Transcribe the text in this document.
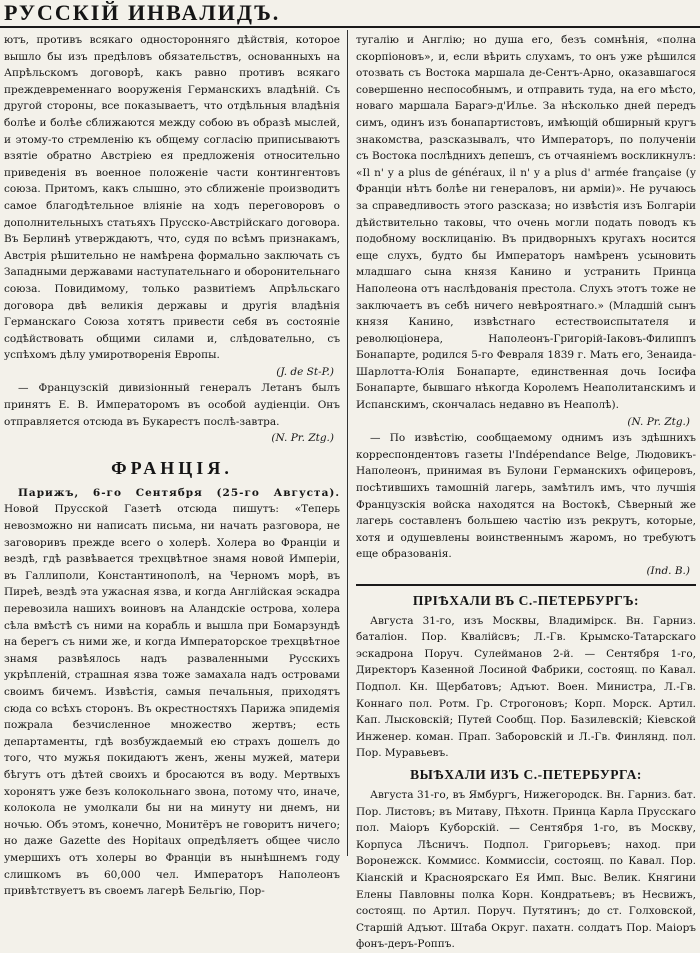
РУССКІЙ ИНВАЛИДЪ.

ютъ, противъ всякаго односторонняго дѣйствія, которое вышло бы изъ предѣловъ обязательствъ, основанныхъ на Апрѣльскомъ договорѣ, какъ равно противъ всякаго преждевременнаго вооруженія Германскихъ владѣній. Съ другой стороны, все показываетъ, что отдѣльныя владѣнія болѣе и болѣе сближаются между собою въ образѣ мыслей, и этому-то стремленію къ общему согласію приписываютъ взятіе обратно Австріею ея предложенія относительно приведенія въ военное положеніе части контингентовъ союза. Притомъ, какъ слышно, это сближеніе производитъ самое благодѣтельное вліяніе на ходъ переговоровъ о дополнительныхъ статьяхъ Прусско-Австрійскаго договора. Въ Берлинѣ утверждаютъ, что, судя по всѣмъ признакамъ, Австрія рѣшительно не намѣрена формально заключать съ Западными державами наступательнаго и оборонительнаго союза. Повидимому, только развитіемъ Апрѣльскаго договора двѣ великія державы и другія владѣнія Германскаго Союза хотятъ привести себя въ состояніе содѣйствовать общими силами и, слѣдовательно, съ успѣхомъ дѣлу умиротворенія Европы.

(J. de St-P.)

— Французскій дивизіонный генералъ Летанъ былъ принятъ Е. В. Императоромъ въ особой аудіенціи. Онъ отправляется отсюда въ Букарестъ послѣ-завтра.

(N. Pr. Ztg.)

ФРАНЦІЯ.

Парижъ, 6-го Сентября (25-го Августа). Новой Прусской Газетѣ отсюда пишутъ: «Теперь невозможно ни написать письма, ни начать разговора, не заговоривъ прежде всего о холерѣ. Холера во Франціи и вездѣ, гдѣ развѣвается трехцвѣтное знамя новой Имперіи, въ Галлиполи, Константинополѣ, на Черномъ морѣ, въ Пиреѣ, вездѣ эта ужасная язва, и когда Англійская эскадра перевозила нашихъ воиновъ на Аландскіе острова, холера сѣла вмѣстѣ съ ними на корабль и вышла при Бомарзундѣ на берегъ съ ними же, и когда Императорское трехцвѣтное знамя развѣялось надъ разваленными Русскихъ укрѣпленій, страшная язва тоже замахала надъ островами своимъ бичемъ. Извѣстія, самыя печальныя, приходятъ сюда со всѣхъ сторонъ. Въ окрестностяхъ Парижа эпидемія пожрала безчисленное множество жертвъ; есть департаменты, гдѣ возбуждаемый ею страхъ дошелъ до того, что мужья покидаютъ женъ, жены мужей, матери бѣгутъ отъ дѣтей своихъ и бросаются въ воду. Мертвыхъ хоронятъ уже безъ колокольнаго звона, потому что, иначе, колокола не умолкали бы ни на минуту ни днемъ, ни ночью. Объ этомъ, конечно, Монитёръ не говоритъ ничего; но даже Gazette des Hopitaux опредѣляетъ общее число умершихъ отъ холеры во Франціи въ нынѣшнемъ году слишкомъ въ 60,000 чел. Императоръ Наполеонъ привѣтствуетъ въ своемъ лагерѣ Бельгію, Пор-

тугалію и Англію; но душа его, безъ сомнѣнія, «полна скорпіоновъ», и, если вѣрить слухамъ, то онъ уже рѣшился отозвать съ Востока маршала де-Сентъ-Арно, оказавшагося совершенно неспособнымъ, и отправить туда, на его мѣсто, новаго маршала Барагэ-д'Илье. За нѣсколько дней передъ симъ, одинъ изъ бонапартистовъ, имѣющій обширный кругъ знакомства, разсказывалъ, что Императоръ, по полученіи съ Востока послѣднихъ депешъ, съ отчаяніемъ воскликнулъ: «Il n' y a plus de généraux, il n' y a plus d' armée française (у Франціи нѣтъ болѣе ни генераловъ, ни арміи)». Не ручаюсь за справедливость этого разсказа; но извѣстія изъ Болгаріи дѣйствительно таковы, что очень могли подать поводъ къ подобному восклицанію. Въ придворныхъ кругахъ носится еще слухъ, будто бы Императоръ намѣренъ усыновить младшаго сына князя Канино и устранить Принца Наполеона отъ наслѣдованія престола. Слухъ этотъ тоже не заключаетъ въ себѣ ничего невѣроятнаго.» (Младшій сынъ князя Канино, извѣстнаго естествоиспытателя и революціонера, Наполеонъ-Григорій-Іаковъ-Филиппъ Бонапарте, родился 5-го Февраля 1839 г. Мать его, Зенаида-Шарлотта-Юлія Бонапарте, единственная дочь Іосифа Бонапарте, бывшаго нѣкогда Королемъ Неаполитанскимъ и Испанскимъ, скончалась недавно въ Неаполѣ).

(N. Pr. Ztg.)

— По извѣстію, сообщаемому однимъ изъ здѣшнихъ корреспондентовъ газеты l'Indépendance Belge, Людовикъ-Наполеонъ, принимая въ Булони Германскихъ офицеровъ, посѣтившихъ тамошній лагерь, замѣтилъ имъ, что лучшія Французскія войска находятся на Востокѣ, Сѣверный же лагерь составленъ большею частію изъ рекрутъ, которые, хотя и одушевлены воинственнымъ жаромъ, но требуютъ еще образованія.

(Ind. B.)

ПРІѢХАЛИ ВЪ С.-ПЕТЕРБУРГЪ:

Августа 31-го, изъ Москвы, Владимірск. Вн. Гарниз. баталіон. Пор. Квалійсвъ; Л.-Гв. Крымско-Татарскаго эскадрона Поруч. Сулейманов 2-й. — Сентября 1-го, Директоръ Казенной Лосиной Фабрики, состоящ. по Кавал. Подпол. Кн. Щербатовъ; Адъют. Воен. Министра, Л.-Гв. Коннаго пол. Ротм. Гр. Строгоновъ; Корп. Морск. Артил. Кап. Лысковскій; Путей Сообщ. Пор. Базилевскій; Кіевской Инженер. коман. Прап. Заборовскій и Л.-Гв. Финлянд. пол. Пор. Муравьевъ.

ВЫѢХАЛИ ИЗЪ С.-ПЕТЕРБУРГА:

Августа 31-го, въ Ямбургъ, Нижегородск. Вн. Гарниз. бат. Пор. Листовъ; въ Митаву, Пѣхотн. Принца Карла Прусскаго пол. Маіоръ Куборскій. — Сентября 1-го, въ Москву, Корпуса Лѣсничъ. Подпол. Григорьевъ; наход. при Воронежск. Коммисс. Коммиссіи, состоящ. по Кавал. Пор. Кіанскій и Красноярскаго Ея Имп. Выс. Велик. Княгини Елены Павловны полка Корн. Кондратьевъ; въ Несвижъ, состоящ. по Артил. Поруч. Путятинъ; до ст. Голховской, Старшій Адъют. Штаба Округ. пахатн. солдатъ Пор. Маіоръ фонъ-деръ-Роппъ.
